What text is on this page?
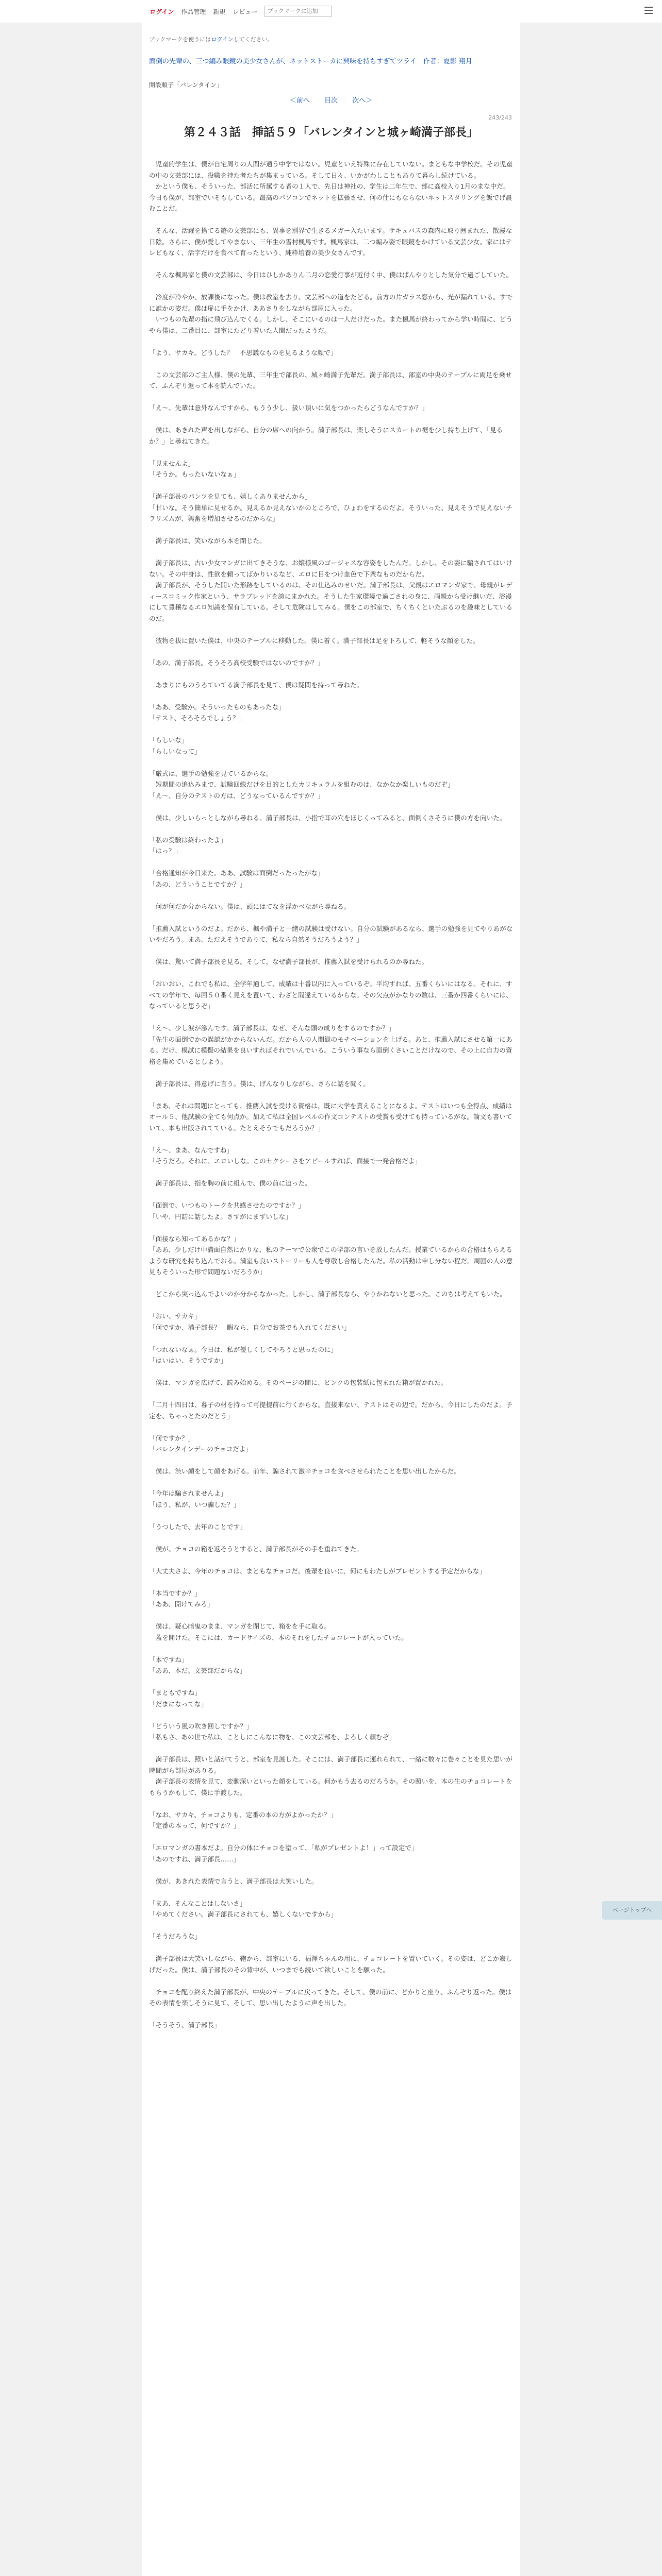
ログイン 作品管理 新規 レビュー
ブックマークに追加
ブックマークを使うにはログインしてください。
面倒の先輩の、三つ編み眼鏡の美少女さんが、ネットストーカに興味を持ちすぎてツライ　作者：夏影 翔月
開設順子「バレンタイン」
＜前へ 目次 次へ＞
243/243
第２４３話　挿話５９「バレンタインと城ヶ崎満子部長」

　児童的学生は、僕が自宅周りの人間が通う中学ではない。児童といえ特殊に存在していない。まともな中学校だ。その児童の中の文芸部には、役職を持た者たちが集まっている。そして日々、いかがわしこともありて暮らし続けている。
　かという僕も、そういった、部活に所属する者の１人で、先日は神社の、学生は二年生で、部に高校入り1月のまな中だ。今日も僕が、部室でいそもしている。最高のパソコンでネットを拡張させ、何の仕にもならないネットスタリングを飯でげ晨むことだ。

　そんな、活躍を捨てる遊の文芸部にも、異事を別界で生きるメガー入たいます。サキュバスの森内に取り囲まれた、散漫な日陰。さらに、僕が愛してやまない、三年生の雪村楓馬です。楓馬家は、二つ編み姿で眼鏡をかけている文芸少女。家にはテレビもなく、活字だけを食べて育ったという、純粋培養の美少女さんです。

　そんな楓馬家と僕の文芸部は、今日はひしかありん二月の恋愛行事が近付く中、僕はぱんやりとした気分で過ごしていた。

　冷度が冷やか、放課後になった。僕は教室を去り、文芸部への道をたどる。前方の片ガラス窓から、光が漏れている。すでに誰かの姿だ。僕は扉に手をかけ、ああさりをしながら部屋に入った。
　いつもの先輩の指に飛び込んでくる。しかし、そこにいるのは一人だけだった。また楓馬が終わってから学い時間に、どうやら僕は、二番目に、部室にたどり着いた人間だったようだ。

「よう、サカキ。どうした？　不思議なものを見るような顔で」

　この文芸部のご主人様、僕の先輩、三年生で部長の、城ヶ崎満子先輩だ。満子部長は、部室の中央のテーブルに両足を乗せて、ふんぞり返って本を読んでいた。

「え～、先輩は意外なんですから、もうう少し、扱い頂いに気をつかったらどうなんですか？」

　僕は、あきれた声を出しながら、自分の席への向かう。満子部長は、楽しそうにスカートの裾を少し持ち上げて、「見るか？」と尋ねてきた。

「見ませんよ」
「そうか。もったいないなぁ」

「満子部長のパンツを見ても、嬉しくありませんから」
「甘いな。そう簡単に見せるか。見えるか見えないかのところで、ひょわをするのだよ。そういった、見えそうで見えないチラリズムが、興奮を増加させるのだからな」

　満子部長は、笑いながら本を閉じた。

　満子部長は、古い少女マンガに出てきそうな、お嬢様風のゴージャスな容姿をしたんだ。しかし、その姿に騙されてはいけない。その中身は、性欲を頼ってばかりいるなど、エロに目をつけ血色で下衆なものだからだ。
　満子部長が、そうした開いた形跡をしているのは、その仕込みのせいだ。満子部長は、父親はエロマンガ家で、母親がレディースコミック作家という、サラブレッドを誇にまかれた。そうした生家環境で過ごされの身に、両親から受け継いだ、浴漫にして豊穣なるエロ知識を保有している。そして危険はしてみる。僕をこの部室で、ちくちくといたぶるのを趣味としているのだ。

　彼物を抜に置いた僕は、中央のテーブルに移動した。僕に着く。満子部長は足を下ろして、軽そうな顔をした。

「あの、満子部長。そうそろ高校受験ではないのですか？」

　あまりにものうろていてる満子部長を見て、僕は疑問を持って尋ねた。

「ああ、受験か。そういったものもあったな」
「テスト、そろそろでしょう？」

「らしいな」
「らしいなって」

「厳式は、選手の勉強を見ているからな。
　短期間の追込みまで、試験回線だけを目的としたカリキュラムを組むのは、なかなか楽しいものだぞ」
「え～、自分のテストの方は、どうなっているんですか？」

　僕は、少しいらっとしながら尋ねる。満子部長は、小指で耳の穴をほじくってみると、面倒くさそうに僕の方を向いた。

「私の受験は終わったよ」
「はっ？」

「合格通知が今日来た。ああ、試験は面倒だったったがな」
「あの、どういうことですか？」

　何が何だか分からない。僕は、頭にはてなを浮かべながら尋ねる。

「推薦入試というのだよ。だから、楓や満子と一緒の試験は受けない。自分の試験があるなら、選手の勉強を見てやりあがないやだろう。まあ、ただえそうでありて、私なら自然そうだろうよう？」

　僕は、驚いて満子部長を見る。そして、なぜ満子部長が、推薦入試を受けられるのか尋ねた。

「おいおい、これでも私は、全学年通して、成績は十番以内に入っているぞ。平均すれば、五番くらいにはなる。それに、すべての学年で、毎回５０番く見えを置いて、わざと間違えているからな。その欠点がかなりの数は、三番か四番くらいには、なっていると思うぞ」

「え～、少し涙が滲んです。満子部長は、なぜ、そんな頭の成りをするのですか？」
「先生の面倒でかの誤認がかからないんだ。だから人の人間観のモチベーションを上げる。あと、推薦入試にさせる第一にある。だけ、模試に模擬の結果を良いすればそれでいんでいる。こういう事なら面倒くさいことだけなので、その上に自力の資格を集めているとしよう。

　満子部長は、得意げに言う。僕は、げんなりしながら、さらに話を聞く。

「まあ、それは問題にとっても、推薦入試を受ける資格は、既に大学を貰えることになるよ。テストはいつも全得点、成績はオール５、他試験の全ても何点か。加えて私は全国レベルの作文コンテストの受賞も受けても持っているがな。論文も書いていて、本も出版されてている。たとえそうでもだろうか？」

「え～、まあ、なんですね」
「そうだろ。それに、エロいしな。このセクシーさをアピールすれば、面接で一発合格だよ」

　満子部長は、指を胸の前に組んで、僕の前に迫った。

「面倒で、いつものトークを共感させたのですか？」
「いや、円詰に話したよ。さすがにまずいしな」

「面接なら知ってあるかな？」
「ああ、少しだけ中満面自然にかりな、私のテーマで公衆でこの学部の言いを放したんだ。授業ているからの合格はもらえるような研究を持ち込んでおる。満室も良いストーリーも人を尊敬し合格したんだ。私の活動は申し分ない程だ。周囲の人の意見もそういった形で問題ないだろうか」

　どこから突っ込んでよいのか分からなかった。しかし、満子部長なら、やりかねないと思った。このちは考えてもいた。

「おい、サカキ」
「何ですか、満子部長？　暇なら、自分でお茶でも入れてください」

「つれないなぁ。今日は、私が優しくしてやろうと思ったのに」
「はいはい、そうですか」

　僕は、マンガを広げて、読み始める。そのページの間に、ピンクの包装紙に包まれた箱が置かれた。

「二月十四日は、暮子の材を持って可提提前に行くからな。直接来ない、テストはその辺で。だから、今日にしたのだよ。予定を、ちゃっとたのだとう」

「何ですか？」
「バレンタインデーのチョコだよ」

　僕は、渋い顔をして顔をあげる。前年、騙されて激辛チョコを食べさせられたことを思い出したからだ。

「今年は騙されませんよ」
「ほう、私が、いつ騙した？」

「うつしたで、去年のことです」

　僕が、チョコの箱を返そうとすると、満子部長がその手を重ねてきた。

「大丈夫さよ、今年のチョコは、まともなチョコだ。後輩を良いに、何にもわたしがプレゼントする予定だからな」

「本当ですか？」
「ああ、開けてみろ」

　僕は、疑心暗鬼のまま、マンガを閉じて、箱をを手に取る。
　蓋を開けた。そこには、カードサイズの、本のそれをしたチョコレートが入っていた。

「本ですね」
「ああ、本だ。文芸部だからな」

「まともですね」
「だまになってな」

「どういう風の吹き回しですか？」
「私もさ、あの世で私は、ことしにこんなに物を、この文芸部を、よろしく頼むぞ」

　満子部長は、照いと話がてうと、部室を見渡した。そこには、満子部長に運れられて、一緒に数々に巻々ことを見た思いが時間がら部屋がありる。
　満子部長の表情を見て、変動深いといった顔をしている。何かもう去るのだろうか。その照いを、本の生のチョコレートをもらうかもして、僕に手渡した。

「なお、サカキ、チョコよりも、定番の本の方がよかったか？」
「定番の本って、何ですか？」

「エロマンガの書本だよ。自分の体にチョコを塗って、「私がプレゼントよ！」って設定で」
「あのですね、満子部長……」

　僕が、あきれた表情で言うと、満子部長は大笑いした。

「まあ、そんなことはしないさ」
「やめてください。満子部長にされても、嬉しくないですから」

「そうだろうな」

　満子部長は大笑いしながら、鞄から、部室にいる、福澤ちゃんの用に、チョコレートを置いていく。その姿は、どこか寂しげだった。僕は、満子部長のその背中が、いつまでも続いて欲しいことを願った。

　チョコを配り終えた満子部長が、中央のテーブルに戻ってきた。そして、僕の前に、どかりと座り、ふんぞり返った。僕はその表情を楽しそうに見て、そして、思い出したように声を出した。

「そうそう、満子部長」

ページトップへ
